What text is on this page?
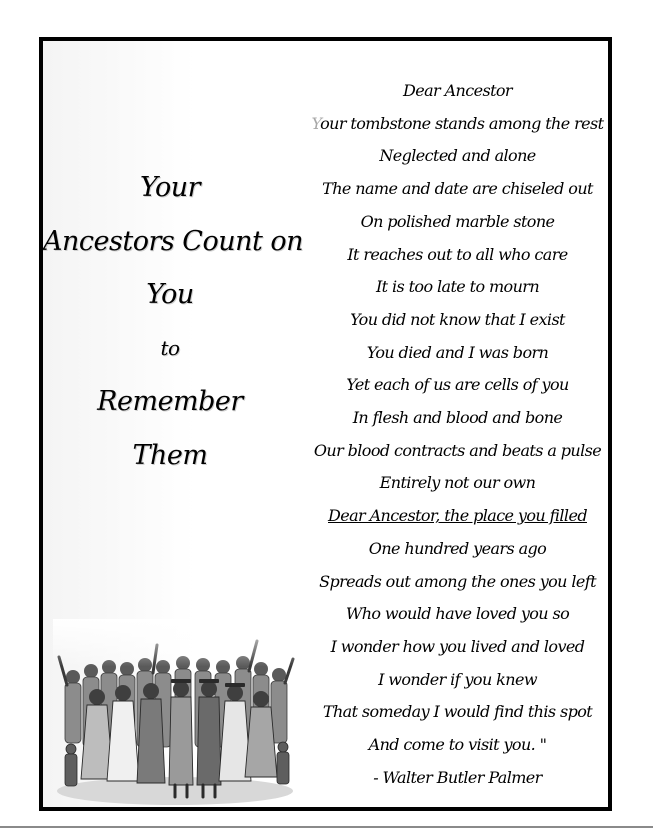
Your
Ancestors Count on
You
to
Remember
Them
Dear Ancestor
Your tombstone stands among the rest
Neglected and alone
The name and date are chiseled out
On polished marble stone
It reaches out to all who care
It is too late to mourn
You did not know that I exist
You died and I was born
Yet each of us are cells of you
In flesh and blood and bone
Our blood contracts and beats a pulse
Entirely not our own
Dear Ancestor, the place you filled
One hundred years ago
Spreads out among the ones you left
Who would have loved you so
I wonder how you lived and loved
I wonder if you knew
That someday I would find this spot
And come to visit you. "
- Walter Butler Palmer
